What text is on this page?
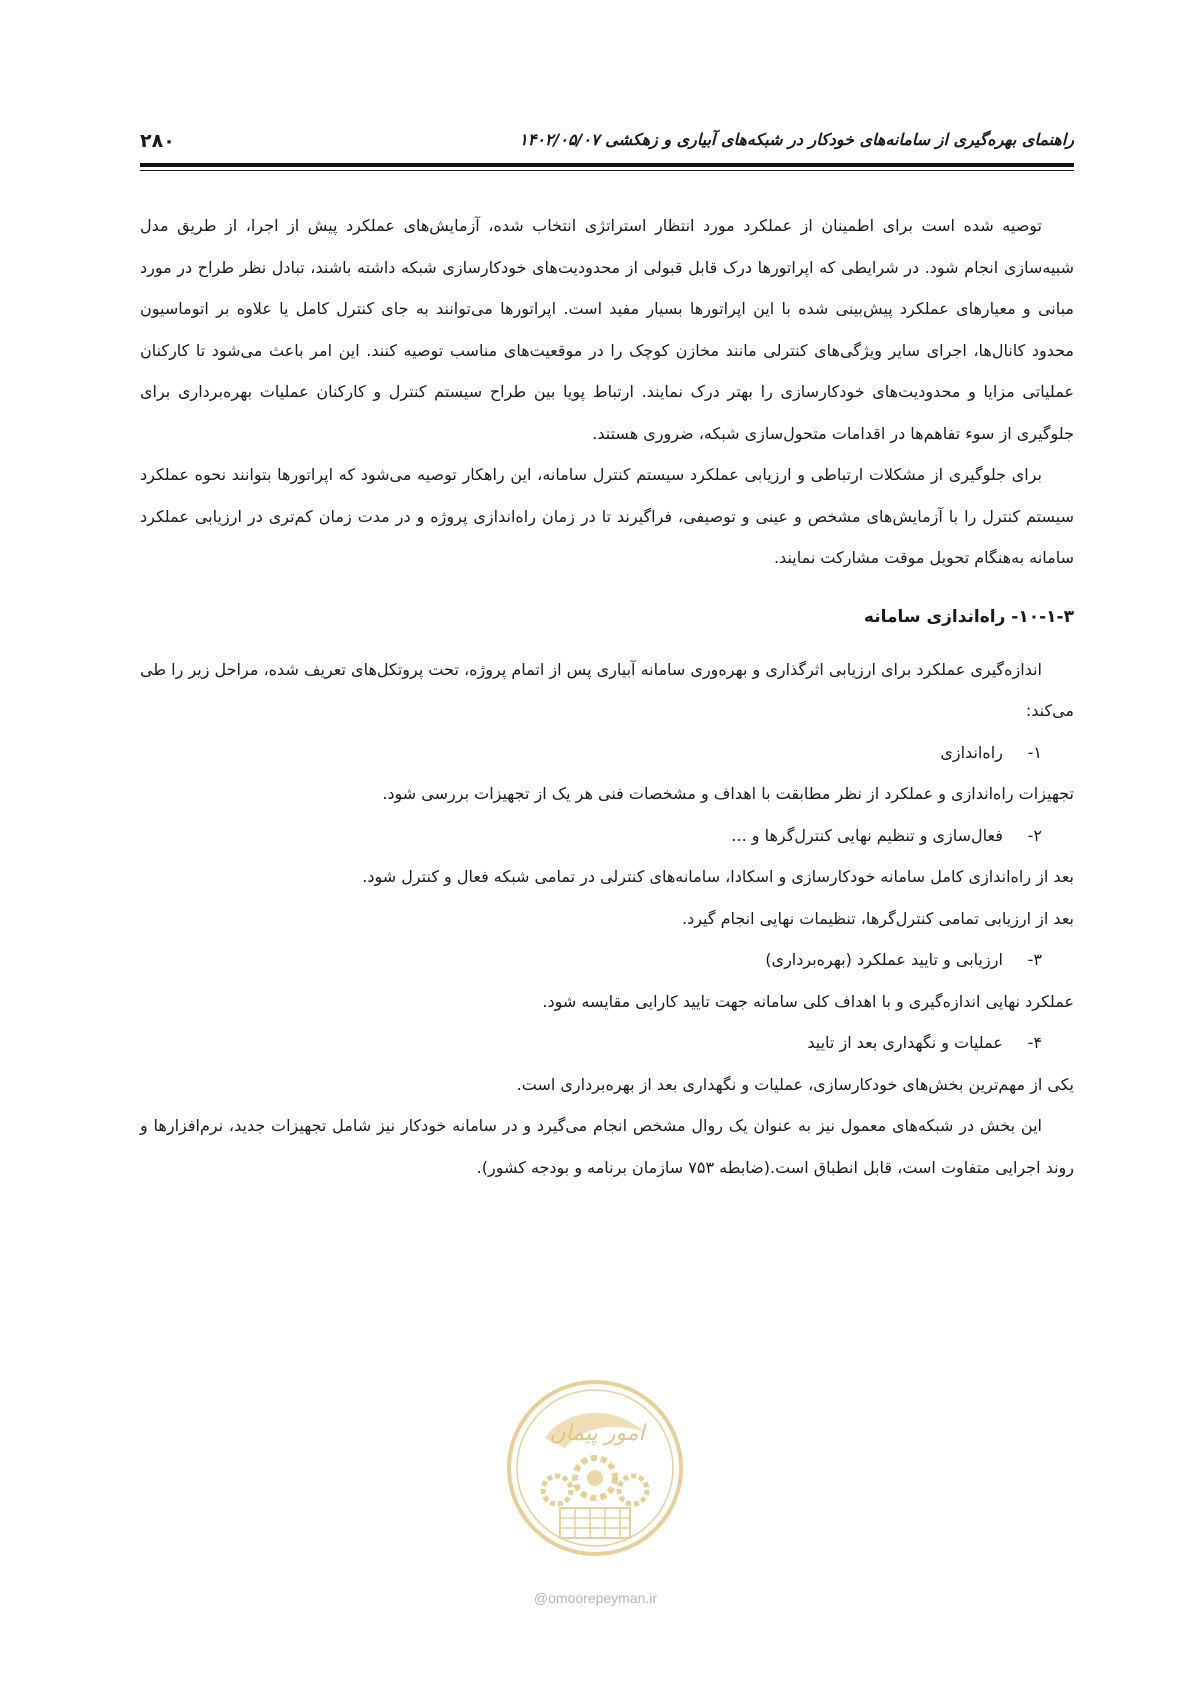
۲۸۰	راهنمای بهره‌گیری از سامانه‌های خودکار در شبکه‌های آبیاری و زهکشی ۱۴۰۲/۰۵/۰۷

توصیه شده است برای اطمینان از عملکرد مورد انتظار استراتژی انتخاب شده، آزمایش‌های عملکرد پیش از اجرا، از طریق مدل شبیه‌سازی انجام شود. در شرایطی که اپراتورها درک قابل قبولی از محدودیت‌های خودکارسازی شبکه داشته باشند، تبادل نظر طراح در مورد مبانی و معیارهای عملکرد پیش‌بینی شده با این اپراتورها بسیار مفید است. اپراتورها می‌توانند به جای کنترل کامل یا علاوه بر اتوماسیون محدود کانال‌ها، اجرای سایر ویژگی‌های کنترلی مانند مخازن کوچک را در موقعیت‌های مناسب توصیه کنند. این امر باعث می‌شود تا کارکنان عملیاتی مزایا و محدودیت‌های خودکارسازی را بهتر درک نمایند. ارتباط پویا بین طراح سیستم کنترل و کارکنان عملیات بهره‌برداری برای جلوگیری از سوء تفاهم‌ها در اقدامات متحول‌سازی شبکه، ضروری هستند.

برای جلوگیری از مشکلات ارتباطی و ارزیابی عملکرد سیستم کنترل سامانه، این راهکار توصیه می‌شود که اپراتورها بتوانند نحوه عملکرد سیستم کنترل را با آزمایش‌های مشخص و عینی و توصیفی، فراگیرند تا در زمان راه‌اندازی پروژه و در مدت زمان کم‌تری در ارزیابی عملکرد سامانه به‌هنگام تحویل موقت مشارکت نمایند.

۱۰-۱-۳- راه‌اندازی سامانه

اندازه‌گیری عملکرد برای ارزیابی اثرگذاری و بهره‌وری سامانه آبیاری پس از اتمام پروژه، تحت پروتکل‌های تعریف شده، مراحل زیر را طی می‌کند:

۱- راه‌اندازی
تجهیزات راه‌اندازی و عملکرد از نظر مطابقت با اهداف و مشخصات فنی هر یک از تجهیزات بررسی شود.
۲- فعال‌سازی و تنظیم نهایی کنترل‌گرها و ...
بعد از راه‌اندازی کامل سامانه خودکارسازی و اسکادا، سامانه‌های کنترلی در تمامی شبکه فعال و کنترل شود.
بعد از ارزیابی تمامی کنترل‌گرها، تنظیمات نهایی انجام گیرد.
۳- ارزیابی و تایید عملکرد (بهره‌برداری)
عملکرد نهایی اندازه‌گیری و با اهداف کلی سامانه جهت تایید کارایی مقایسه شود.
۴- عملیات و نگهداری بعد از تایید
یکی از مهم‌ترین بخش‌های خودکارسازی، عملیات و نگهداری بعد از بهره‌برداری است.

این بخش در شبکه‌های معمول نیز به عنوان یک روال مشخص انجام می‌گیرد و در سامانه خودکار نیز شامل تجهیزات جدید، نرم‌افزارها و روند اجرایی متفاوت است، قابل انطباق است.(ضابطه ۷۵۳ سازمان برنامه و بودجه کشور).

امور پیمان
@omoorepeyman.ir
